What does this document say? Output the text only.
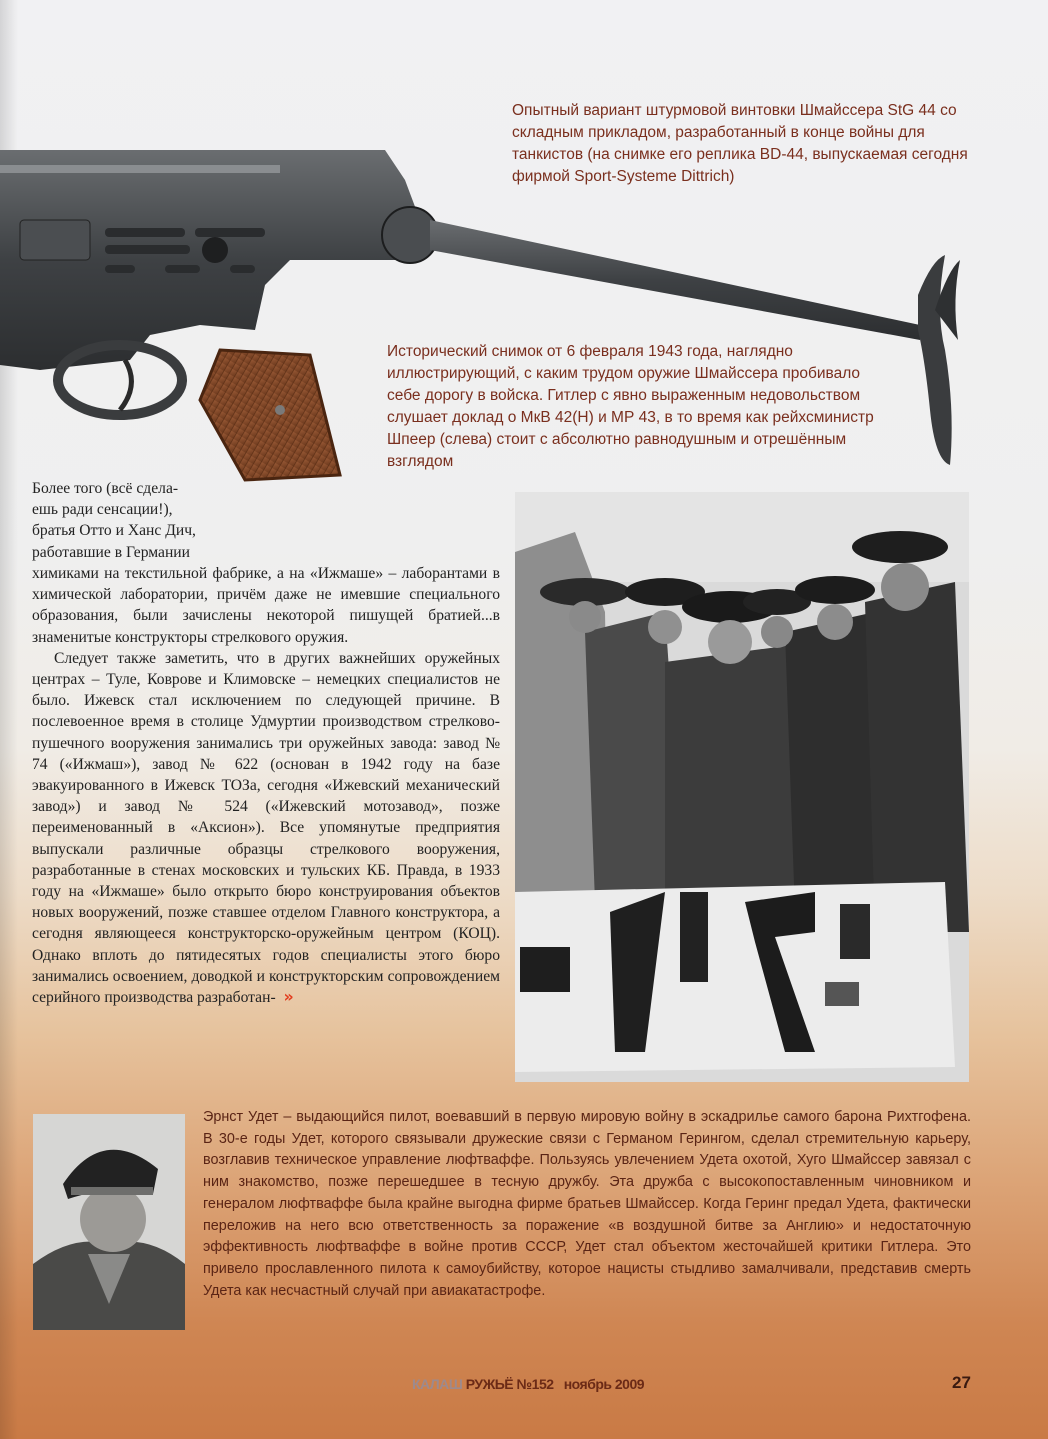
Опытный вариант штурмовой винтовки Шмайссера StG 44 со складным прикладом, разработанный в конце войны для танкистов (на снимке его реплика BD-44, выпускаемая сегодня фирмой Sport-Systeme Dittrich)

Исторический снимок от 6 февраля 1943 года, наглядно иллюстрирующий, с каким трудом оружие Шмайссера пробивало себе дорогу в войска. Гитлер с явно выраженным недовольством слушает доклад о МкВ 42(Н) и МР 43, в то время как рейхсминистр Шпеер (слева) стоит с абсолютно равнодушным и отрешённым взглядом

Более того (всё сдела-

ешь ради сенсации!),

братья Отто и Ханс Дич,

работавшие в Германии

химиками на текстильной фабрике, а на «Ижмаше» – лаборантами в химической лаборатории, причём даже не имевшие специального образования, были зачислены некоторой пишущей братией...в знаменитые конструкторы стрелкового оружия.

Следует также заметить, что в других важнейших оружейных центрах – Туле, Коврове и Климовске – немецких специалистов не было. Ижевск стал исключением по следующей причине. В послевоенное время в столице Удмуртии производством стрелково-пушечного вооружения занимались три оружейных завода: завод № 74 («Ижмаш»), завод № 622 (основан в 1942 году на базе эвакуированного в Ижевск ТОЗа, сегодня «Ижевский механический завод») и завод № 524 («Ижевский мотозавод», позже переименованный в «Аксион»). Все упомянутые предприятия выпускали различные образцы стрелкового вооружения, разработанные в стенах московских и тульских КБ. Правда, в 1933 году на «Ижмаше» было открыто бюро конструирования объектов новых вооружений, позже ставшее отделом Главного конструктора, а сегодня являющееся конструкторско-оружейным центром (КОЦ). Однако вплоть до пятидесятых годов специалисты этого бюро занимались освоением, доводкой и конструкторским сопровождением серийного производства разработан- »

Эрнст Удет – выдающийся пилот, воевавший в первую мировую войну в эскадрилье самого барона Рихтгофена. В 30-е годы Удет, которого связывали дружеские связи с Германом Герингом, сделал стремительную карьеру, возглавив техническое управление люфтваффе. Пользуясь увлечением Удета охотой, Хуго Шмайссер завязал с ним знакомство, позже перешедшее в тесную дружбу. Эта дружба с высокопоставленным чиновником и генералом люфтваффе была крайне выгодна фирме братьев Шмайссер. Когда Геринг предал Удета, фактически переложив на него всю ответственность за поражение «в воздушной битве за Англию» и недостаточную эффективность люфтваффе в войне против СССР, Удет стал объектом жесточайшей критики Гитлера. Это привело прославленного пилота к самоубийству, которое нацисты стыдливо замалчивали, представив смерть Удета как несчастный случай при авиакатастрофе.

КАЛАШ РУЖЬЁ №152 ноябрь 2009	27
